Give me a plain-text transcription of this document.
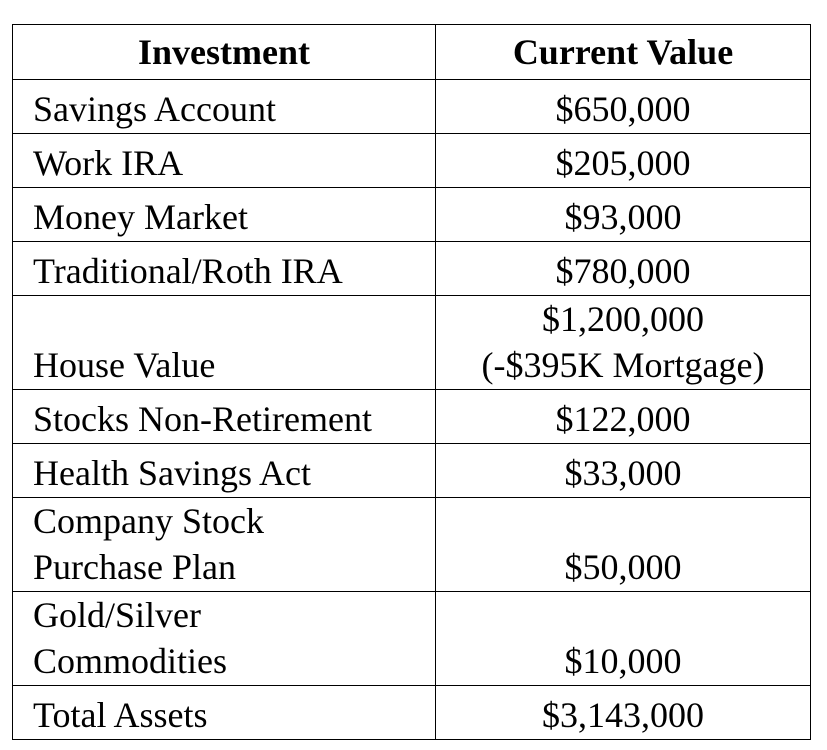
Investment	Current Value

Savings Account	$650,000

Work IRA	$205,000

Money Market	$93,000

Traditional/Roth IRA	$780,000

House Value	$1,200,000
(-$395K Mortgage)

Stocks Non-Retirement	$122,000

Health Savings Act	$33,000

Company Stock
Purchase Plan	$50,000

Gold/Silver
Commodities	$10,000

Total Assets	$3,143,000
